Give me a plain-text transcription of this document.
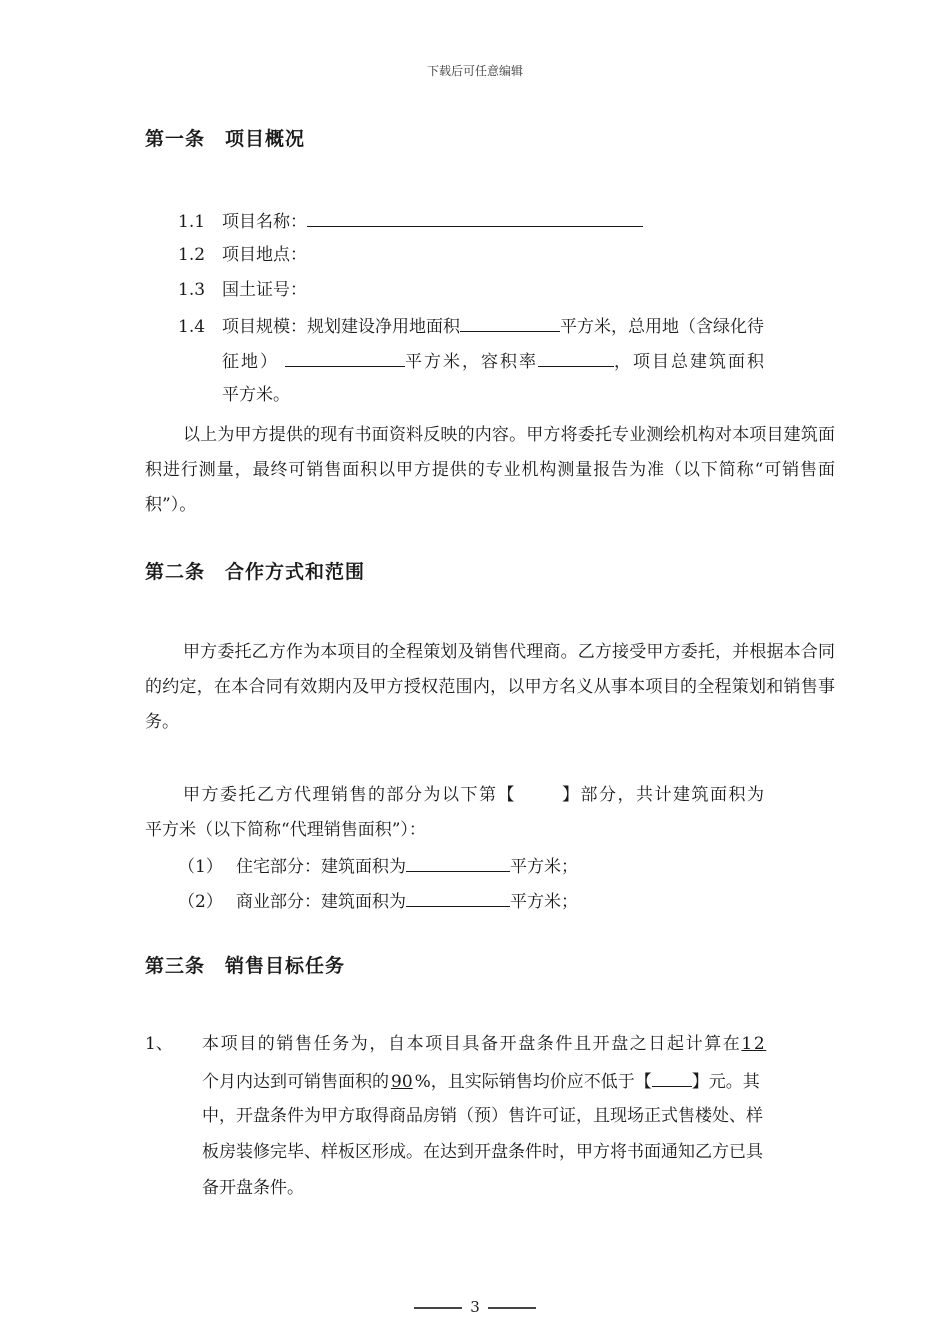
下载后可任意编辑
第一条　项目概况
1.1 项目名称：
1.2 项目地点：
1.3 国土证号：
1.4 项目规模：规划建设净用地面积	平方米，总用地（含绿化待
征地）	平方米，容积率	，项目总建筑面积
平方米。
以上为甲方提供的现有书面资料反映的内容。甲方将委托专业测绘机构对本项目建筑面积进行测量，最终可销售面积以甲方提供的专业机构测量报告为准（以下简称“可销售面积”）。
第二条　合作方式和范围
甲方委托乙方作为本项目的全程策划及销售代理商。乙方接受甲方委托，并根据本合同的约定，在本合同有效期内及甲方授权范围内，以甲方名义从事本项目的全程策划和销售事务。
甲方委托乙方代理销售的部分为以下第【	】部分，共计建筑面积为
平方米（以下简称“代理销售面积”）：
（1） 住宅部分：建筑面积为	平方米；
（2） 商业部分：建筑面积为	平方米；
第三条　销售目标任务
1、 本项目的销售任务为，自本项目具备开盘条件且开盘之日起计算在12
个月内达到可销售面积的 90 %，且实际销售均价应不低于【 】元。其
中，开盘条件为甲方取得商品房销（预）售许可证，且现场正式售楼处、样
板房装修完毕、样板区形成。在达到开盘条件时，甲方将书面通知乙方已具
备开盘条件。
3
